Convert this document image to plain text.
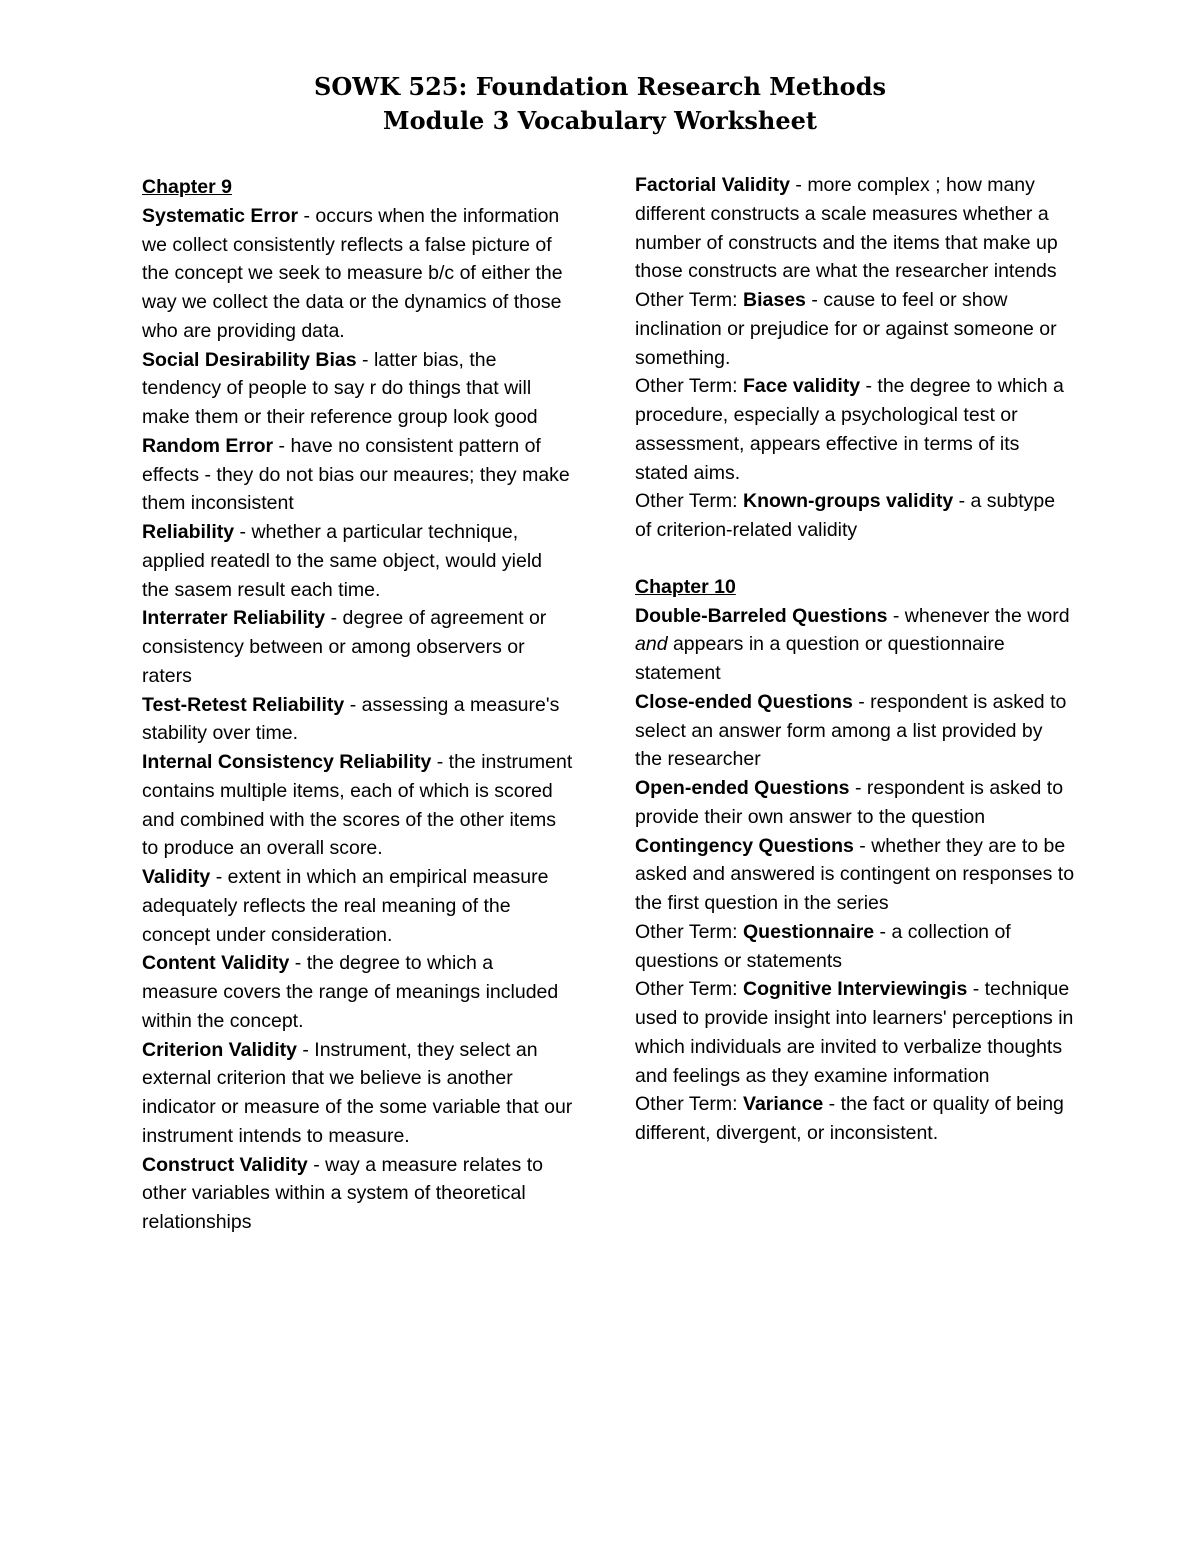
SOWK 525: Foundation Research Methods
Module 3 Vocabulary Worksheet
Chapter 9

Systematic Error - occurs when the information we collect consistently reflects a false picture of the concept we seek to measure b/c of either the way we collect the data or the dynamics of those who are providing data.

Social Desirability Bias - latter bias, the tendency of people to say r do things that will make them or their reference group look good

Random Error - have no consistent pattern of effects - they do not bias our meaures; they make them inconsistent

Reliability - whether a particular technique, applied reatedl to the same object, would yield the sasem result each time.

Interrater Reliability - degree of agreement or consistency between or among observers or raters

Test-Retest Reliability - assessing a measure's stability over time.

Internal Consistency Reliability - the instrument contains multiple items, each of which is scored and combined with the scores of the other items to produce an overall score.

Validity - extent in which an empirical measure adequately reflects the real meaning of the concept under consideration.

Content Validity - the degree to which a measure covers the range of meanings included within the concept.

Criterion Validity - Instrument, they select an external criterion that we believe is another indicator or measure of the some variable that our instrument intends to measure.

Construct Validity - way a measure relates to other variables within a system of theoretical relationships

Factorial Validity - more complex ; how many different constructs a scale measures whether a number of constructs and the items that make up those constructs are what the researcher intends

Other Term: Biases - cause to feel or show inclination or prejudice for or against someone or something.

Other Term: Face validity - the degree to which a procedure, especially a psychological test or assessment, appears effective in terms of its stated aims.

Other Term: Known-groups validity - a subtype of criterion-related validity

Chapter 10

Double-Barreled Questions - whenever the word and appears in a question or questionnaire statement

Close-ended Questions - respondent is asked to select an answer form among a list provided by the researcher

Open-ended Questions - respondent is asked to provide their own answer to the question

Contingency Questions - whether they are to be asked and answered is contingent on responses to the first question in the series

Other Term: Questionnaire - a collection of questions or statements

Other Term: Cognitive Interviewingis - technique used to provide insight into learners' perceptions in which individuals are invited to verbalize thoughts and feelings as they examine information

Other Term: Variance - the fact or quality of being different, divergent, or inconsistent.
